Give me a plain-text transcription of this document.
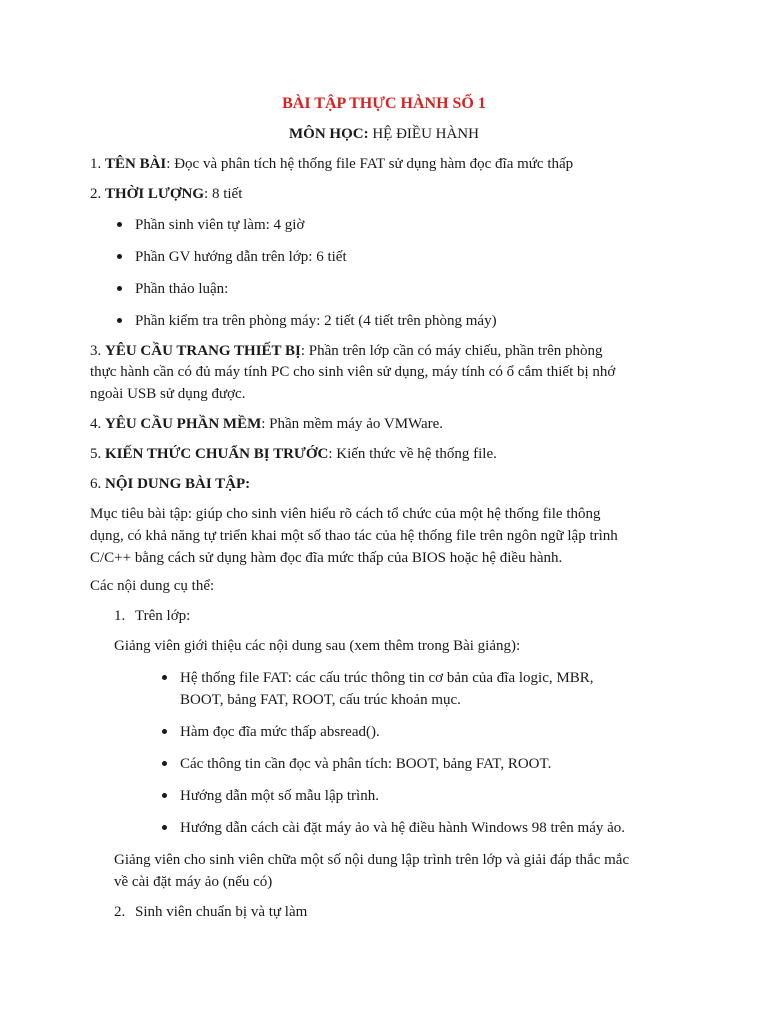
BÀI TẬP THỰC HÀNH SỐ 1
MÔN HỌC: HỆ ĐIỀU HÀNH
1. TÊN BÀI: Đọc và phân tích hệ thống file FAT sử dụng hàm đọc đĩa mức thấp
2. THỜI LƯỢNG: 8 tiết
Phần sinh viên tự làm: 4 giờ
Phần GV hướng dẫn trên lớp: 6 tiết
Phần thảo luận:
Phần kiểm tra trên phòng máy: 2 tiết (4 tiết trên phòng máy)
3. YÊU CẦU TRANG THIẾT BỊ: Phần trên lớp cần có máy chiếu, phần trên phòng
thực hành cần có đủ máy tính PC cho sinh viên sử dụng, máy tính có ổ cắm thiết bị nhớ
ngoài USB sử dụng được.
4. YÊU CẦU PHẦN MỀM: Phần mềm máy ảo VMWare.
5. KIẾN THỨC CHUẨN BỊ TRƯỚC: Kiến thức về hệ thống file.
6. NỘI DUNG BÀI TẬP:
Mục tiêu bài tập: giúp cho sinh viên hiểu rõ cách tổ chức của một hệ thống file thông
dụng, có khả năng tự triển khai một số thao tác của hệ thống file trên ngôn ngữ lập trình
C/C++ bằng cách sử dụng hàm đọc đĩa mức thấp của BIOS hoặc hệ điều hành.
Các nội dung cụ thể:
1. Trên lớp:
Giảng viên giới thiệu các nội dung sau (xem thêm trong Bài giảng):
Hệ thống file FAT: các cấu trúc thông tin cơ bản của đĩa logic, MBR,
BOOT, bảng FAT, ROOT, cấu trúc khoản mục.
Hàm đọc đĩa mức thấp absread().
Các thông tin cần đọc và phân tích: BOOT, bảng FAT, ROOT.
Hướng dẫn một số mẫu lập trình.
Hướng dẫn cách cài đặt máy ảo và hệ điều hành Windows 98 trên máy ảo.
Giảng viên cho sinh viên chữa một số nội dung lập trình trên lớp và giải đáp thắc mắc
về cài đặt máy ảo (nếu có)
2. Sinh viên chuẩn bị và tự làm
